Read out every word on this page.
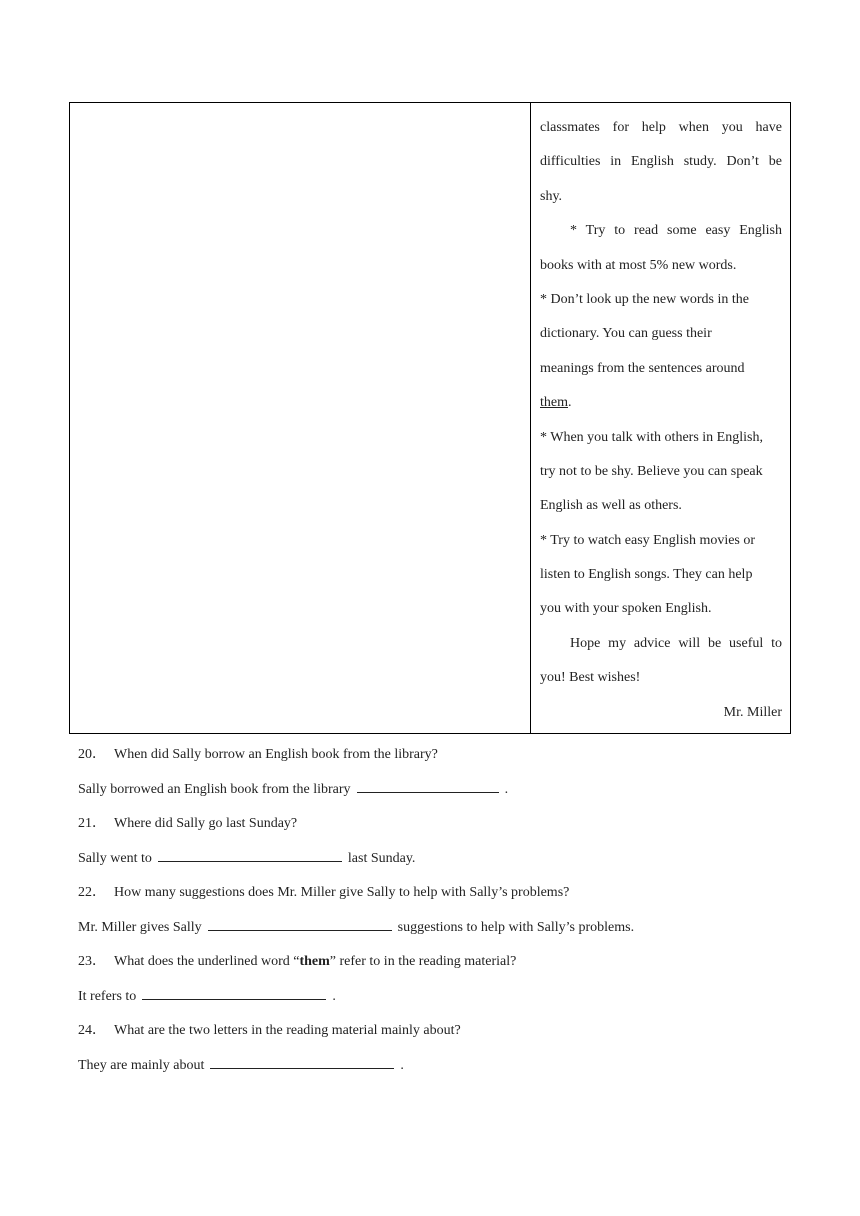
classmates for help when you have
difficulties in English study. Don’t be
shy.
* Try to read some easy English
books with at most 5% new words.
* Don’t look up the new words in the
dictionary. You can guess their
meanings from the sentences around
them.
* When you talk with others in English,
try not to be shy. Believe you can speak
English as well as others.
* Try to watch easy English movies or
listen to English songs. They can help
you with your spoken English.
Hope my advice will be useful to
you! Best wishes!
Mr. Miller
20． When did Sally borrow an English book from the library?
Sally borrowed an English book from the library	.
21． Where did Sally go last Sunday?
Sally went to	last Sunday.
22． How many suggestions does Mr. Miller give Sally to help with Sally’s problems?
Mr. Miller gives Sally	suggestions to help with Sally’s problems.
23． What does the underlined word “them” refer to in the reading material?
It refers to	.
24． What are the two letters in the reading material mainly about?
They are mainly about	.
